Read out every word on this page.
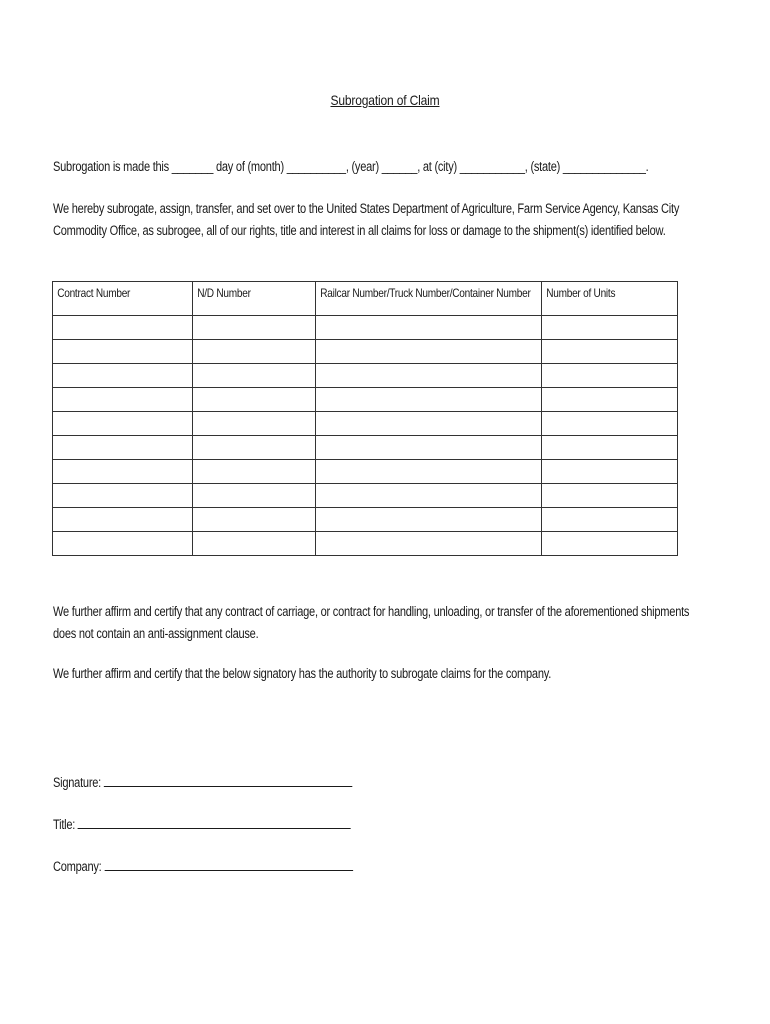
Subrogation of Claim
Subrogation is made this _______ day of (month) __________, (year) ______, at (city) ___________, (state) ______________.
We hereby subrogate, assign, transfer, and set over to the United States Department of Agriculture, Farm Service Agency, Kansas City
Commodity Office, as subrogee, all of our rights, title and interest in all claims for loss or damage to the shipment(s) identified below.
Contract Number	N/D Number	Railcar Number/Truck Number/Container Number	Number of Units

We further affirm and certify that any contract of carriage, or contract for handling, unloading, or transfer of the aforementioned shipments
does not contain an anti-assignment clause.
We further affirm and certify that the below signatory has the authority to subrogate claims for the company.
Signature:
Title:
Company:
